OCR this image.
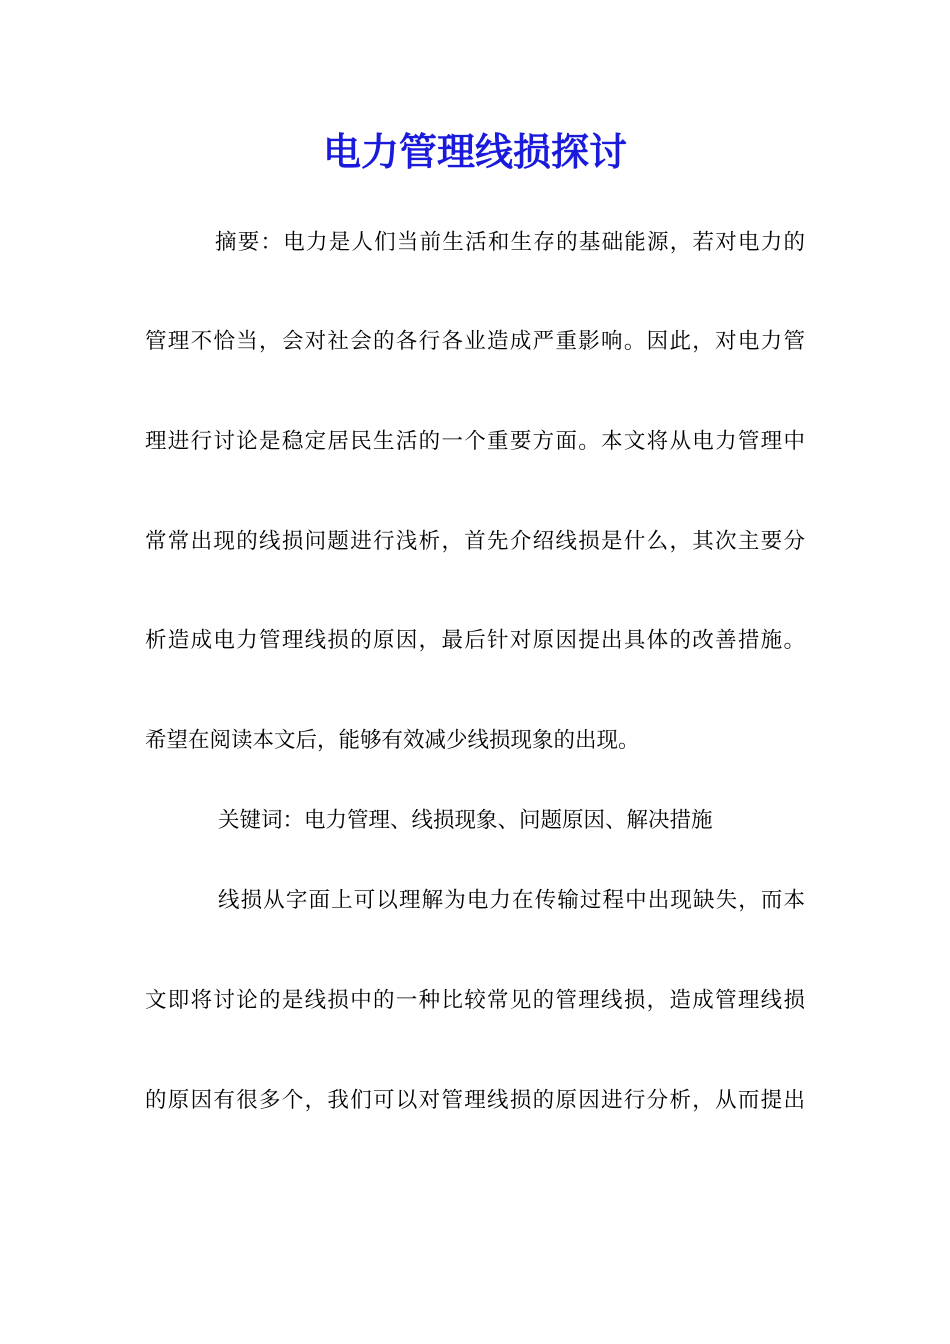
电力管理线损探讨

摘要：电力是人们当前生活和生存的基础能源，若对电力的

管理不恰当，会对社会的各行各业造成严重影响。因此，对电力管

理进行讨论是稳定居民生活的一个重要方面。本文将从电力管理中

常常出现的线损问题进行浅析，首先介绍线损是什么，其次主要分

析造成电力管理线损的原因，最后针对原因提出具体的改善措施。

希望在阅读本文后，能够有效减少线损现象的出现。

关键词：电力管理、线损现象、问题原因、解决措施

线损从字面上可以理解为电力在传输过程中出现缺失，而本

文即将讨论的是线损中的一种比较常见的管理线损，造成管理线损

的原因有很多个，我们可以对管理线损的原因进行分析，从而提出
